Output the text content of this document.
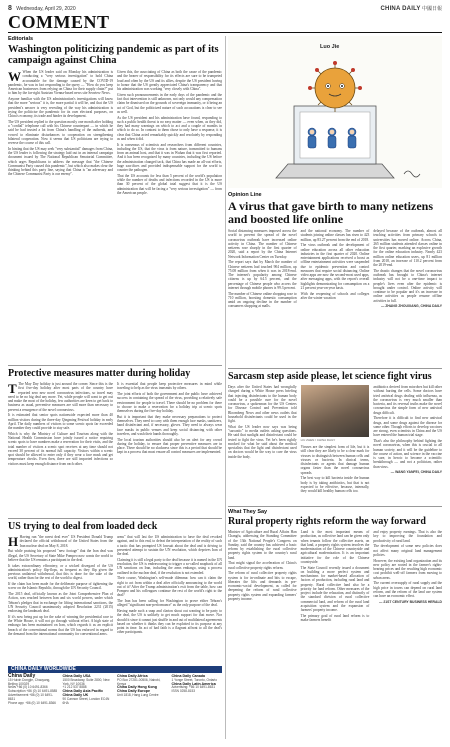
8 Wednesday, April 29, 2020	CHINA DAILY 中國日報
COMMENT
Editorials
Washington politicizing pandemic as part of its campaign against China

W When the US leader said on Monday his administration is conducting a "very serious investigation" to hold China accountable for the damage caused by the COVID-19 pandemic, he was in fact responding to the query — "How do you keep American businesses from relying on China for their supply chain?" put to him by the far-right Austrian Vienna-based news site Seaview News.

Anyone familiar with the US administration's investigations will know that the more "serious" it is, the more partial it will be, and that the US president's answer is very revealing of the way his administration is trying the politicise the pandemic for its own electoral purposes, on China's economy, its trade and hinder its development.

The US president replied to the question mostly one month after holding a "cordial" telephone call with his Chinese counterpart — in which he said he had trusted a lot from China's handling of the outbreak, and vowed to eliminate disturbances to cooperation on strengthening bilateral cooperation. Now it seems that US politicians are trying to reverse the course of this call.

In hinting that the US may seek "very substantial" damages from China, the US leader is following the strategy laid out in an internal campaign document issued by The National Republican Senatorial Committee, which urges Republicans to address the message that "the Chinese Communist Party caused this pandemic", but which also makes clear the thinking behind this party line, saying that China is "an adversary and the Chinese Communist Party is our enemy".

Given this, the associating of China as both the cause of the pandemic and the bearer of responsibility for its effects are sure to be trumpeted loud and often by the US and its allies, despite the US president having to honor that the US greatly appreciated China's transparency and that his administration was working "very closely with China".

Given such pronouncements in the early days of the pandemic and the fact that intervention is still unknown, not only would any compensation claim be dismissed on the grounds of sovereign immunity, or it being an act of God, but the politicized nature of such accusations is clear to see as well.

As the US president and his administration have found, responding to such a public health threat is no easy matter — even when, as they did, they had many warnings on which to act and a couple of months in which to do so. In contrast to them chose to only have a response, it is clear that China acted remarkably quickly and resolutely by responding as and when it did.

It is consensus of scientists and researchers from different countries, including the US, that the virus is from nature, transmitted to humans from an animal host, and that it was in Wuhan that it was first reported. And it has been recognized by many countries, including the US before the administration changed tack, that China has made an all-out efforts, huge sacrifices and provided indispensable support for the world to counter the pathogen.

That the US accounts for less than 5 percent of the world's population while the number of deaths and infections recorded in the US is more than 30 percent of the global total suggest that it is the US administration that will be facing a "very serious investigation" — from the American people.

Protective measures matter during holiday

T The May Day holiday is just around the corner. Since this is the first five-day holiday after most parts of the country have reported zero new novel coronavirus infections, so travel may need to be no big deal any more. Yet, while people will want to get out and make the most of the holiday, few authorities are keen to get back to business as usual, preventive measures are still more than necessary to prevent a resurgence of the novel coronavirus.

It is estimated that senior spots nationwide expected more than 40 million visitors during the three-day Qingming Festival holiday in early April. The daily numbers of visitors to some scenic spots far exceeded the number they could provide to stay safe.

Which is why the Ministry of Culture and Tourism along with the National Health Commission have jointly issued a notice requiring scenic spots to have numbers make a reservation for their visits, and the total number of visitors a scenic spot receives at any time should not exceed 30 percent of its normal full capacity. Visitors within a scenic spot should be allowed to enter only if they wear a face mask and get temperature checks. Even then, there are still imported infections so visitors must keep enough distance from each other.

It is essential that people keep protective measures in mind while traveling to help as the virus transmits by others.

The joint efforts of both the government and the public have achieved success in containing the spread of the virus, providing a relatively safe environment for people to travel. There should be no problem for there to choose to make a reservation for a holiday trip at scenic spots themselves during the five-day holiday.

But it is important that they make necessary preparations to protect themselves. They need to carry with them enough face masks, sanitizers, hand disinfectant and, if necessary, gloves. They need to always wear face masks in public venues and keep social distancing with other travelers, and wash their hands thoroughly.

The local tourism authorities should also be on alert for any crowd during the holiday, to ensure that proper preventive measures are in place. There should be no slackness since this is a period that should be kept in a process that must ensure all control measures are implemented.

US trying to deal from loaded deck

H Having run "the rarest deal ever" US President Donald Trump declared the official withdrawal of the United States from the Iran nuclear deal on May 8, 2018.

But while praising his proposed "new footage" that the Iran deal was illegal, the US Secretary of State Mike Pompeo now wants the world to believe that the US remains a participant in the deal.

It takes extraordinary effrontery, or a wicked disregard of the US administration's policy flip-flops, as frequent as they flip given the previous unilateral withdrawal, that this is done for the sake of the world, rather than for the rest of the world to digest.

If the claim has been made for the deliberate purpose of tightening the screw on the Islamic Republic, through the UN Security Council.

The 2015 deal, officially known as the Joint Comprehensive Plan of Action, was reached between Iran and six world powers, under which Tehran's pledges that in exchange for lifting international sanctions, the UN Security Council unanimously adopted Resolution 2231 (2015) endorsing the landmark deal.

If it's now being put up for the sake of winning the presidential race to the White House, it will not go through without effort. A high state of embargo has been maintained on Iran, which regards it as an explicit breach of the conventional norms that the US has enforced in regard to the demand from the international community for conventional arms.

arms" that will last the US administration to have the deal revoked against, and to this end, to defeat the interpretation of the reality of such a tactic that has prompted US lawsuit about the deal and is driving to presented attempt to sustain the UN resolution, which deprives Iran of the deal.

Claiming it is still a legal party to the deal because it is named in the UN resolution, the US is endeavouring to trigger a so-called snapback of all UN sanctions on Iran, including the arms embargo, using a process outlined in the nuclear deal, if the resolution is not extended.

Their course, Washington's self-made dilemma: how can it claim the right to act from within a deal after officially announcing to the world out of it? After the Trump administration's exit from the table, how can Pompeo and his colleagues continue the rest of the world's right to the deal?

The Iran has been calling for Washington to prove either Tehran's alleged "significant non-performance" as the only purpose of the deal.

Having made such a snap and clarion shout out wanting to be party to the deal, the US is unlikely to get much support for that move. Nor should it since it cannot just shuffle in and out of multilateral agreements based on whether it thinks they can be exploited to its purpose at any point in time. Its act of bad faith is a flagrant affront to all the deal's other participants.

CHINA DAILY WORLDWIDE
China Daily
15 Huixin Dongjie, Chaoyang, Beijing 100029
News +86 (0) 10 6491-8366
Subscription +86 (0) 10 6491-8585
Advertisement +86 (0) 10 6491-8631
Phone app: +86 (0) 10 6491-8366
China Daily USA
1500 Broadway, Suite 2800, New York, NY 10036
+1 212 537 8888
China Daily Asia Pacific
China Daily UK
90 Cannon Street, London EC4N 6HA
China Daily Africa
PO Box 27281-00506, Nairobi, Kenya
China Daily Hong Kong
China Daily Europe
Unit 1818, Hang Lung Centre
China Daily Canada
1 Yonge Street, Toronto, Ontario
China Daily Latin America
Advertising: +86 10 6491-8631
ISSN 0258-8153
Luo Jie
Opinion Line
A virus that gave birth to many netizens and boosted life online

Social distancing measures imposed across the world to prevent the spread of the novel coronavirus outbreak have increased online activity in China. The number of Chinese netizens rose sharply in the first quarter of 2020, said a report by the China Internet Network Information Center on Tuesday.

The report says that by March the number of Chinese netizens had touched 904 million, up 75.08 million from when it was in 2018-end. The internet's popularity among Chinese citizens is up by 64.5 percent, and the percentage of Chinese people who access the internet through mobile phones is 99.3 percent.

The number of Chinese online shopping rose to 710 million, boosting domestic consumption amid an ongoing decline in the number of consumers shopping at malls.

and the national economy. The number of students joining online classes has risen to 423 million, up 83.27 percent from the end of 2018.

The virus outbreak and the development of online education across all other education industries in the first quarter of 2020. Online entertainment applications received a boost as offline entertainment activities were suspended due to epidemic prevention and control measures that require social distancing. Online video apps are now the second-most used apps, after messaging apps, with the report's overall highlights demonstrating for consumption on a 21 percent year-on-year basis.

With the reopening of schools and colleges after the winter vacation

delayed because of the outbreak, almost all teaching activities from primary schools to universities has moved online. Across China, 265 million students attended classes online in the first quarter, marking an explosive growth for the online education industry. Nearly 423 million online education users, up 81 million from 2018, an increase of 110.2 percent from the 2019-end.

The drastic changes that the novel coronavirus outbreak has brought to China's internet industry will not be a one-time impact to people's lives even after the epidemic is brought under control. Online activity will continue to be popular and it's an increase in online activities as people resume offline activities in full.

— ZHANG ZHOUXIANG, CHINA DAILY
Sarcasm step aside please, let science fight virus

Days after the United States had wrongfully charged during a White House press briefing that injecting disinfectants to the human body could be a possible cure for the novel coronavirus, a spokesman for the US Centers for Disease Control and Prevention told Bloomberg News and other news outlets that household disinfectants could be used in the fight.

What the US leader now says was being "sarcastic" to media outlets asking questions. He said that sunlight and disinfectant could be tested to fight the virus. Yet he's been rightly mocked for what he said about the medical specialists that the light and disinfectant used on doctors would be the way to cure the virus inside the body.

LIU ZHEN / CHINA DAILY

Viruses are the simplest form of life, but it is still clear they are likely to be a clear mark for viruses to distinguish between human cells and viruses or bacteria. In clinical terms, disinfectants or agents that damage human organs faster than the novel coronavirus spreads.

The best way to kill bacteria inside the human body is by taking antibiotics, but that is not expected to be effective, because, internally, they would kill healthy human cells too.

antibiotics derived from microbes but kill other without hurting the cells. Some doctors have tried antiviral drugs dealing with influenza, as the coronavirus is very much smaller than bacteria, and its reversal truths make the novel coronavirus the simple form of new antiviral drugs difficult.

Therefore it is difficult to find new antiviral drugs, and some drugs against the disease for some other. Though efforts to develop vaccines are strong, even scientists in China and the US have entered the human trial stage.

That's also the philosophy behind fighting the novel coronavirus, when this is crucial to all human society, and it will be the guideline to the course of action, and science in the vaccine is sure, in heroic to become a scientific breakthrough — and not a politician, rather than virus.

— WANG YANFEI, CHINA DAILY
What They Say
Rural property rights reform the way forward

Minister of Agriculture and Rural Affairs Han Changfu, addressing the Standing Committee of the 13th National People's Congress on Sunday, said the country has achieved a basic reform by establishing the rural collective property rights system to the country's rural land.

That might signal the acceleration of China's rural collective property rights reform.

The reform of rural collective property rights system is for in-ordinate and bits to escape, liberates the lifts and demands in pre-economic-social development, as called for deepening the reform of rural collective property rights system and expanding farmers' property income.

Land is the most important means of production, as collective land can be given only when tenants follow the collective assets, on that land, a property rights system involves the modernization of the Chinese countryside and agricultural modernization. It is an important initiative for the role of the Chinese countryside.

The State Council recently issued a document on building a more perfect system and mechanisms for market-based allocation of factors of production, including rural land and property. Rural collective land also be a priority for land reform. Other measures of the project include the relaxation, and distinctly of the standard division of rural collective commercial land, and reform of the rural land acquisition system and the expansion of farmers' property income.

The primary goal of rural land reform is to make farmers benefit

and enjoy property earnings. That is also the key to improving the foundation and productivity of rural land.

The development of some new policies does not affect many original land management policies.

However, the existing land organization and its new policy are rooted in the farmer's rights-bearing prices and the resulting high economic cost prohibit well-off farmers from moving to urban areas.

The current oversupply of rural supply and the high price in towns can depend on rural land reform, and the reform of the land use system can have an economic effect.

— 21ST CENTURY BUSINESS HERALD
